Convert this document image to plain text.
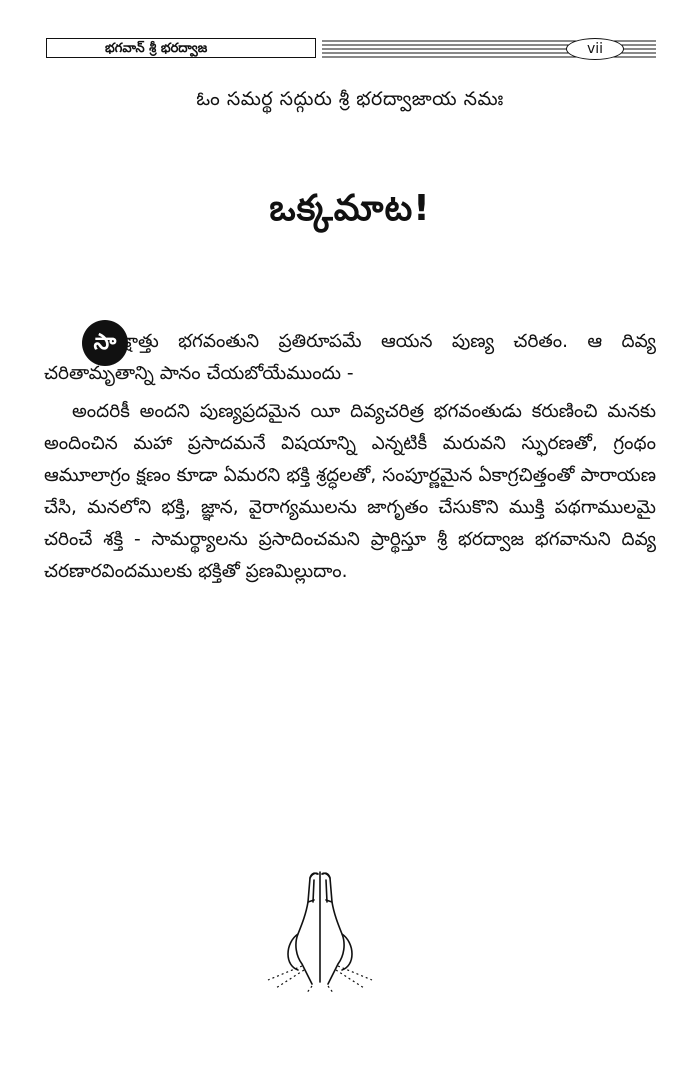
భగవాన్ శ్రీ భరద్వాజ	vii
ఓం సమర్థ సద్గురు శ్రీ భరద్వాజాయ నమః
ఒక్కమాట!
సా క్షాత్తు భగవంతుని ప్రతిరూపమే ఆయన పుణ్య చరితం. ఆ దివ్య చరితామృతాన్ని పానం చేయబోయేముందు -

అందరికీ అందని పుణ్యప్రదమైన యీ దివ్యచరిత్ర భగవంతుడు కరుణించి మనకు అందించిన మహా ప్రసాదమనే విషయాన్ని ఎన్నటికీ మరువని స్ఫురణతో, గ్రంథం ఆమూలాగ్రం క్షణం కూడా ఏమరని భక్తి శ్రద్ధలతో, సంపూర్ణమైన ఏకాగ్రచిత్తంతో పారాయణ చేసి, మనలోని భక్తి, జ్ఞాన, వైరాగ్యములను జాగృతం చేసుకొని ముక్తి పథగాములమై చరించే శక్తి - సామర్థ్యాలను ప్రసాదించమని ప్రార్థిస్తూ శ్రీ భరద్వాజ భగవానుని దివ్య చరణారవిందములకు భక్తితో ప్రణమిల్లుదాం.
